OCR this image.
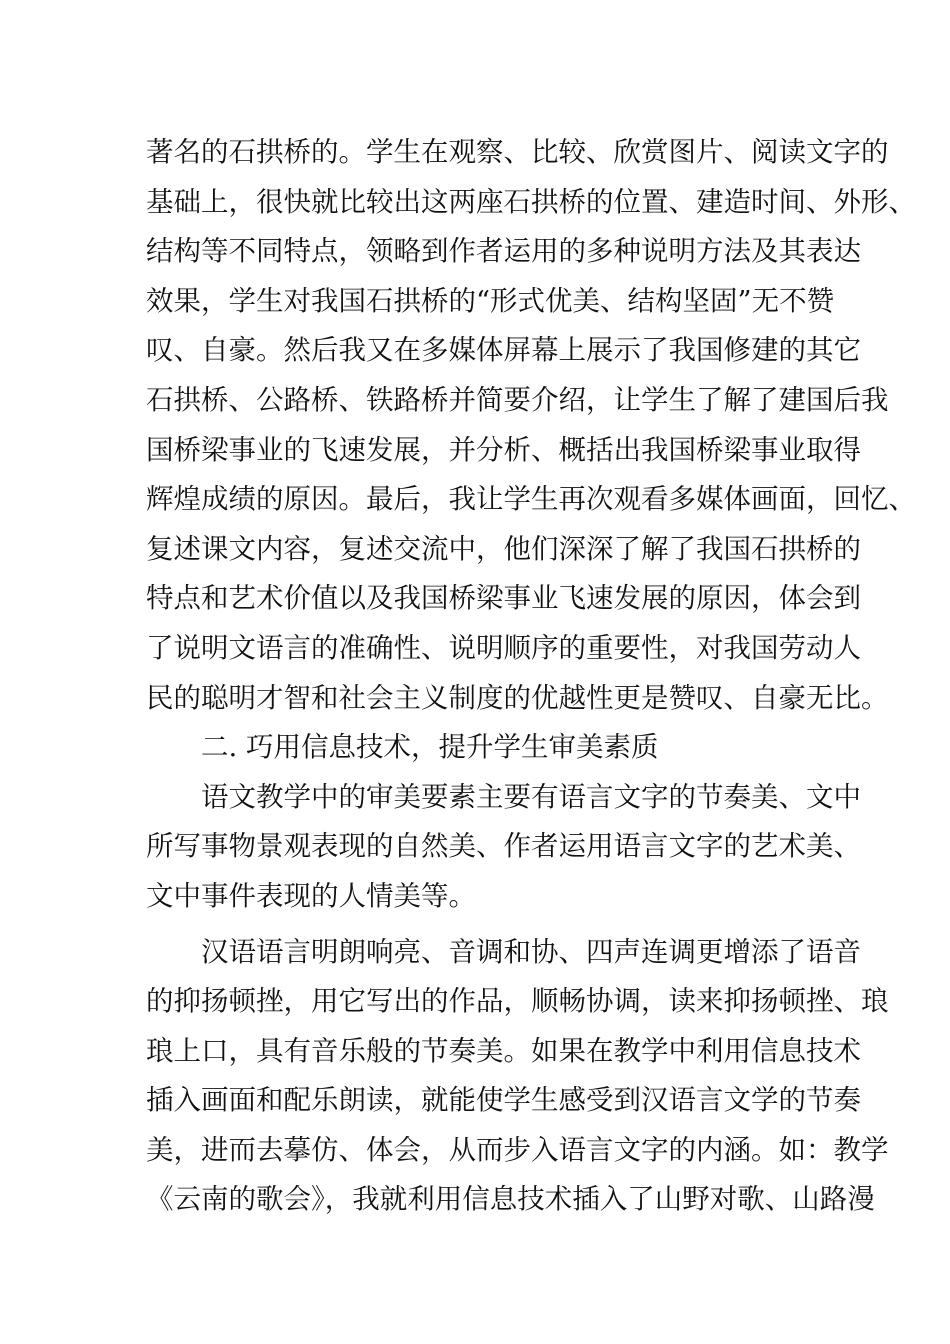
著名的石拱桥的。学生在观察、比较、欣赏图片、阅读文字的
基础上，很快就比较出这两座石拱桥的位置、建造时间、外形、
结构等不同特点，领略到作者运用的多种说明方法及其表达
效果，学生对我国石拱桥的“形式优美、结构坚固”无不赞
叹、自豪。然后我又在多媒体屏幕上展示了我国修建的其它
石拱桥、公路桥、铁路桥并简要介绍，让学生了解了建国后我
国桥梁事业的飞速发展，并分析、概括出我国桥梁事业取得
辉煌成绩的原因。最后，我让学生再次观看多媒体画面，回忆、
复述课文内容，复述交流中，他们深深了解了我国石拱桥的
特点和艺术价值以及我国桥梁事业飞速发展的原因，体会到
了说明文语言的准确性、说明顺序的重要性，对我国劳动人
民的聪明才智和社会主义制度的优越性更是赞叹、自豪无比。
二. 巧用信息技术，提升学生审美素质
语文教学中的审美要素主要有语言文字的节奏美、文中
所写事物景观表现的自然美、作者运用语言文字的艺术美、
文中事件表现的人情美等。
汉语语言明朗响亮、音调和协、四声连调更增添了语音
的抑扬顿挫，用它写出的作品，顺畅协调，读来抑扬顿挫、琅
琅上口，具有音乐般的节奏美。如果在教学中利用信息技术
插入画面和配乐朗读，就能使学生感受到汉语言文学的节奏
美，进而去摹仿、体会，从而步入语言文字的内涵。如：教学
《云南的歌会》，我就利用信息技术插入了山野对歌、山路漫
